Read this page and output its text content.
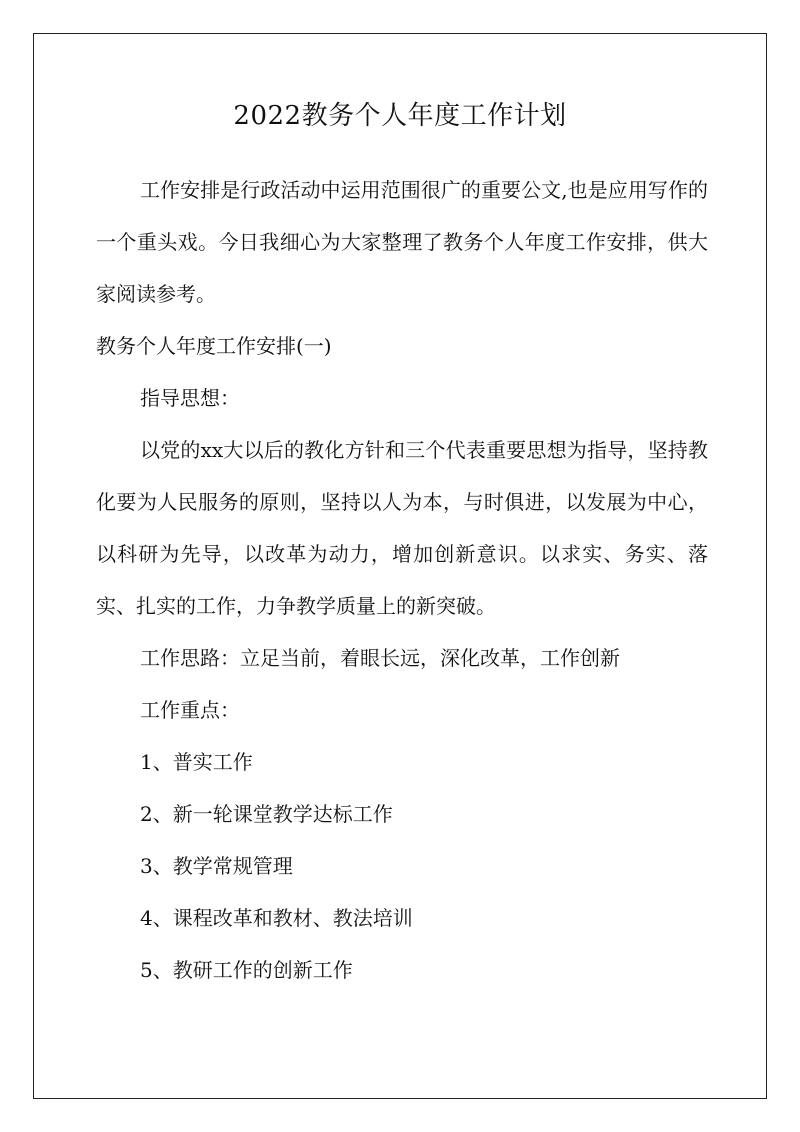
2022教务个人年度工作计划

工作安排是行政活动中运用范围很广的重要公文,也是应用写作的一个重头戏。今日我细心为大家整理了教务个人年度工作安排，供大家阅读参考。

教务个人年度工作安排(一)

指导思想：

以党的xx大以后的教化方针和三个代表重要思想为指导，坚持教化要为人民服务的原则，坚持以人为本，与时俱进，以发展为中心，以科研为先导，以改革为动力，增加创新意识。以求实、务实、落实、扎实的工作，力争教学质量上的新突破。

工作思路：立足当前，着眼长远，深化改革，工作创新

工作重点：

1、普实工作

2、新一轮课堂教学达标工作

3、教学常规管理

4、课程改革和教材、教法培训

5、教研工作的创新工作
